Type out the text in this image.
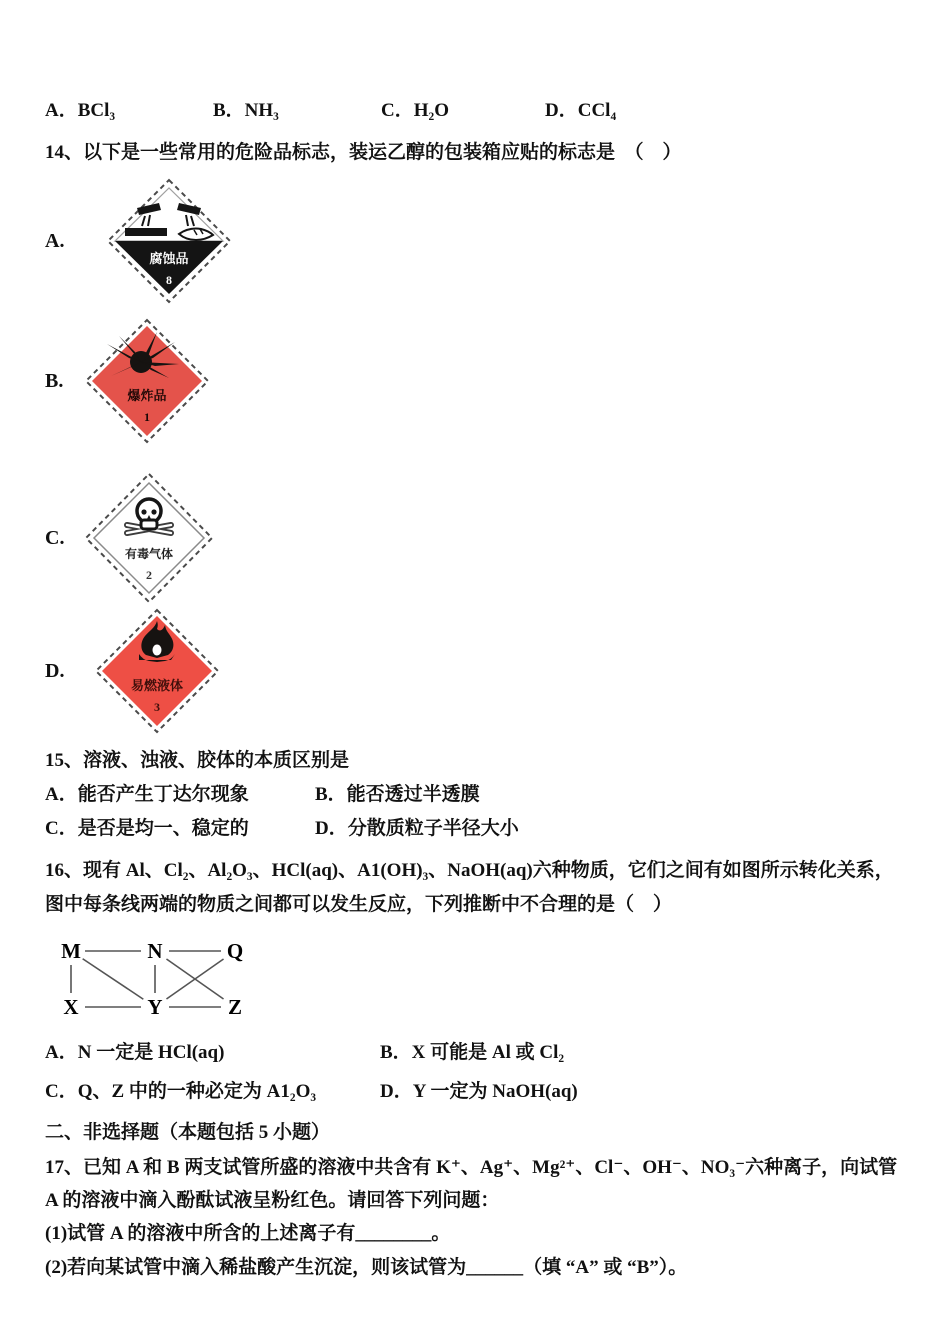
A．BCl₃	B．NH₃	C．H₂O	D．CCl₄
14、以下是一些常用的危险品标志，装运乙醇的包装箱应贴的标志是　（　）
A.
腐蚀品
8
B.
爆炸品
1
C.
有毒气体
2
D.
易燃液体
3
15、溶液、浊液、胶体的本质区别是
A．能否产生丁达尔现象	B．能否透过半透膜
C．是否是均一、稳定的	D．分散质粒子半径大小
16、现有 Al、Cl₂、Al₂O₃、HCl(aq)、A1(OH)₃、NaOH(aq)六种物质，它们之间有如图所示转化关系，图中每条线两端的物质之间都可以发生反应，下列推断中不合理的是（　）
M	N	Q
X	Y	Z
A．N 一定是 HCl(aq)	B．X 可能是 Al 或 Cl₂
C．Q、Z 中的一种必定为 A1₂O₃	D．Y 一定为 NaOH(aq)
二、非选择题（本题包括 5 小题）
17、已知 A 和 B 两支试管所盛的溶液中共含有 K⁺、Ag⁺、Mg²⁺、Cl⁻、OH⁻、NO₃⁻六种离子，向试管 A 的溶液中滴入酚酞试液呈粉红色。请回答下列问题：
(1)试管 A 的溶液中所含的上述离子有________。
(2)若向某试管中滴入稀盐酸产生沉淀，则该试管为______（填 “A” 或 “B”）。
